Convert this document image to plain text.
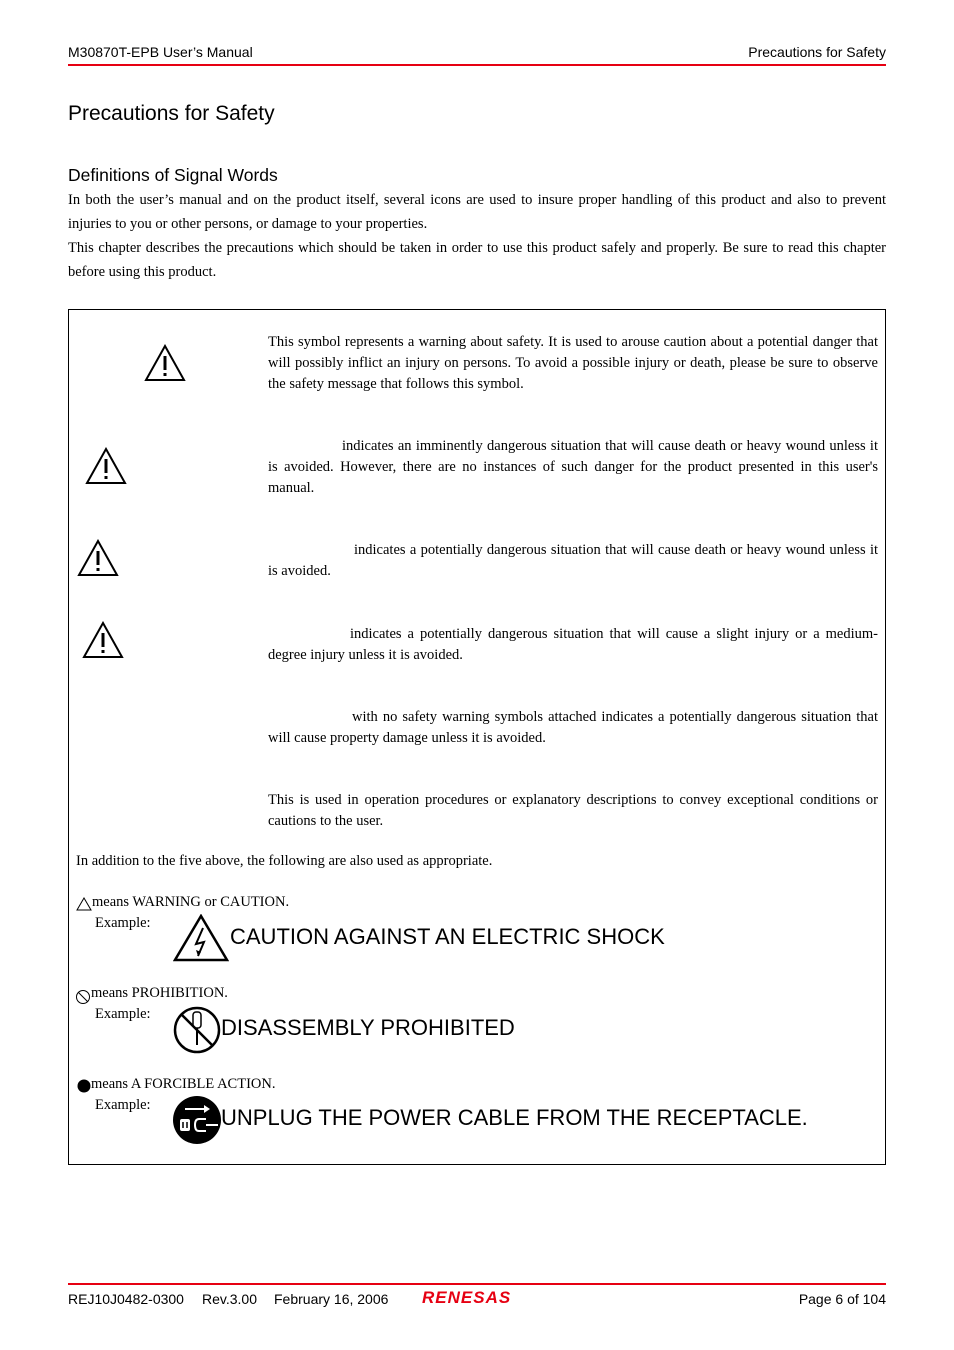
M30870T-EPB User’s Manual	Precautions for Safety
Precautions for Safety
Definitions of Signal Words

In both the user’s manual and on the product itself, several icons are used to insure proper handling of this product and also to prevent injuries to you or other persons, or damage to your properties.

This chapter describes the precautions which should be taken in order to use this product safely and properly. Be sure to read this chapter before using this product.

This symbol represents a warning about safety. It is used to arouse caution about a potential danger that will possibly inflict an injury on persons. To avoid a possible injury or death, please be sure to observe the safety message that follows this symbol.

indicates an imminently dangerous situation that will cause death or heavy wound unless it is avoided. However, there are no instances of such danger for the product presented in this user's manual.

indicates a potentially dangerous situation that will cause death or heavy wound unless it is avoided.

indicates a potentially dangerous situation that will cause a slight injury or a medium-degree injury unless it is avoided.

with no safety warning symbols attached indicates a potentially dangerous situation that will cause property damage unless it is avoided.

This is used in operation procedures or explanatory descriptions to convey exceptional conditions or cautions to the user.

In addition to the five above, the following are also used as appropriate.
means WARNING or CAUTION.
Example:
CAUTION AGAINST AN ELECTRIC SHOCK
means PROHIBITION.
Example:
DISASSEMBLY PROHIBITED
means A FORCIBLE ACTION.
Example:	UNPLUG THE POWER CABLE FROM THE RECEPTACLE.
REJ10J0482-0300 Rev.3.00 February 16, 2006 RENESAS	Page 6 of 104
